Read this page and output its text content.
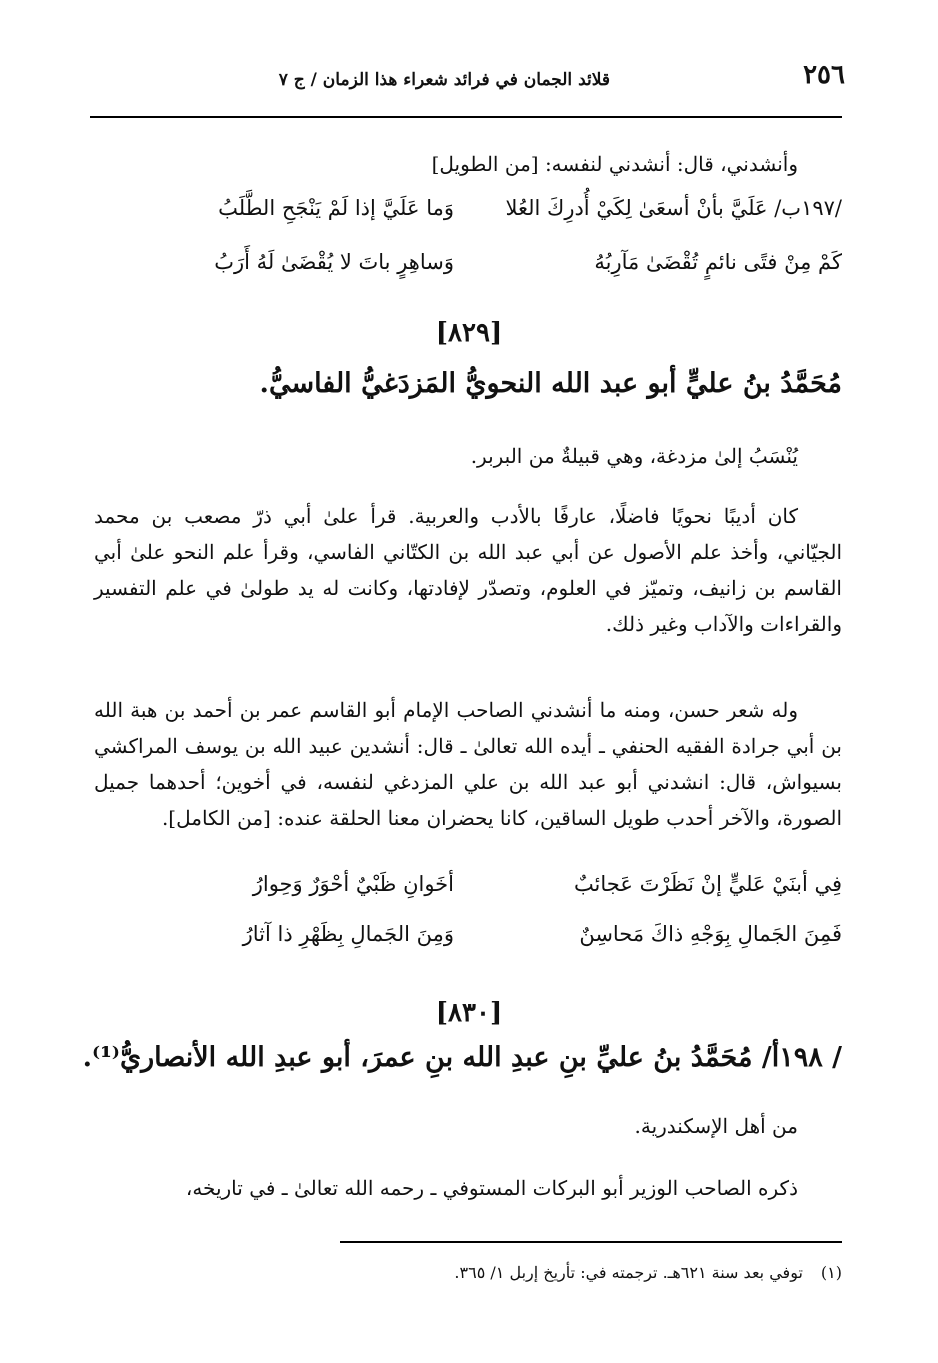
٢٥٦
قلائد الجمان في فرائد شعراء هذا الزمان / ج ٧
وأنشدني، قال: أنشدني لنفسه: [من الطويل]
/١٩٧ب/ عَلَيَّ بأنْ أسعَىٰ لِكَيْ أُدرِكَ العُلا
وَما عَلَيَّ إذا لَمْ يَنْجَحِ الطَّلَبُ
كَمْ مِنْ فتًى نائمٍ تُقْضَىٰ مَآرِبُهُ
وَساهِرٍ باتَ لا يُقْضَىٰ لَهُ أَرَبُ
[٨٢٩]
مُحَمَّدُ بنُ عليٍّ أبو عبد الله النحويُّ المَزدَغيُّ الفاسيُّ.
يُنْسَبُ إلىٰ مزدغة، وهي قبيلةٌ من البربر.
كان أديبًا نحويًا فاضلًا، عارفًا بالأدب والعربية. قرأ علىٰ أبي ذرّ مصعب بن محمد الجيّاني، وأخذ علم الأصول عن أبي عبد الله بن الكتّاني الفاسي، وقرأ علم النحو علىٰ أبي القاسم بن زانيف، وتميّز في العلوم، وتصدّر لإفادتها، وكانت له يد طولىٰ في علم التفسير والقراءات والآداب وغير ذلك.
وله شعر حسن، ومنه ما أنشدني الصاحب الإمام أبو القاسم عمر بن أحمد بن هبة الله بن أبي جرادة الفقيه الحنفي ـ أيده الله تعالىٰ ـ قال: أنشدين عبيد الله بن يوسف المراكشي بسيواش، قال: انشدني أبو عبد الله بن علي المزدغي لنفسه، في أخوين؛ أحدهما جميل الصورة، والآخر أحدب طويل الساقين، كانا يحضران معنا الحلقة عنده: [من الكامل].
فِي أبنَيْ عَليٍّ إنْ نَظَرْتَ عَجائبٌ
أخَوانِ ظَبْيٌ أحْوَرٌ وَحِوارُ
فَمِنَ الجَمالِ بِوَجْهِ ذاكَ مَحاسِنٌ
وَمِنَ الجَمالِ بِظَهْرِ ذا آثارُ
[٨٣٠]
/ ١٩٨أ/ مُحَمَّدُ بنُ عليِّ بنِ عبدِ الله بنِ عمرَ، أبو عبدِ الله الأنصاريُّ⁽¹⁾.
من أهل الإسكندرية.
ذكره الصاحب الوزير أبو البركات المستوفي ـ رحمه الله تعالىٰ ـ في تاريخه،
(١)توفي بعد سنة ٦٢١هـ. ترجمته في: تأريخ إربل ١/ ٣٦٥.
